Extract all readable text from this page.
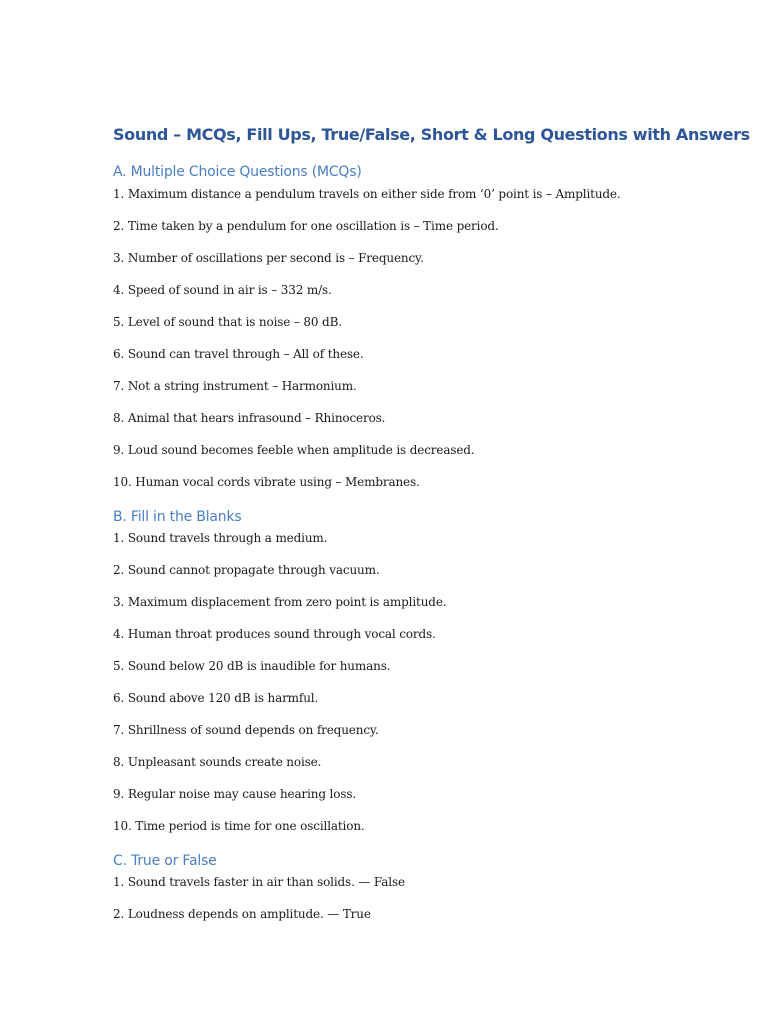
Sound – MCQs, Fill Ups, True/False, Short & Long Questions with Answers
A. Multiple Choice Questions (MCQs)

1. Maximum distance a pendulum travels on either side from ‘0’ point is – Amplitude.

2. Time taken by a pendulum for one oscillation is – Time period.

3. Number of oscillations per second is – Frequency.

4. Speed of sound in air is – 332 m/s.

5. Level of sound that is noise – 80 dB.

6. Sound can travel through – All of these.

7. Not a string instrument – Harmonium.

8. Animal that hears infrasound – Rhinoceros.

9. Loud sound becomes feeble when amplitude is decreased.

10. Human vocal cords vibrate using – Membranes.

B. Fill in the Blanks

1. Sound travels through a medium.

2. Sound cannot propagate through vacuum.

3. Maximum displacement from zero point is amplitude.

4. Human throat produces sound through vocal cords.

5. Sound below 20 dB is inaudible for humans.

6. Sound above 120 dB is harmful.

7. Shrillness of sound depends on frequency.

8. Unpleasant sounds create noise.

9. Regular noise may cause hearing loss.

10. Time period is time for one oscillation.

C. True or False

1. Sound travels faster in air than solids. — False

2. Loudness depends on amplitude. — True
